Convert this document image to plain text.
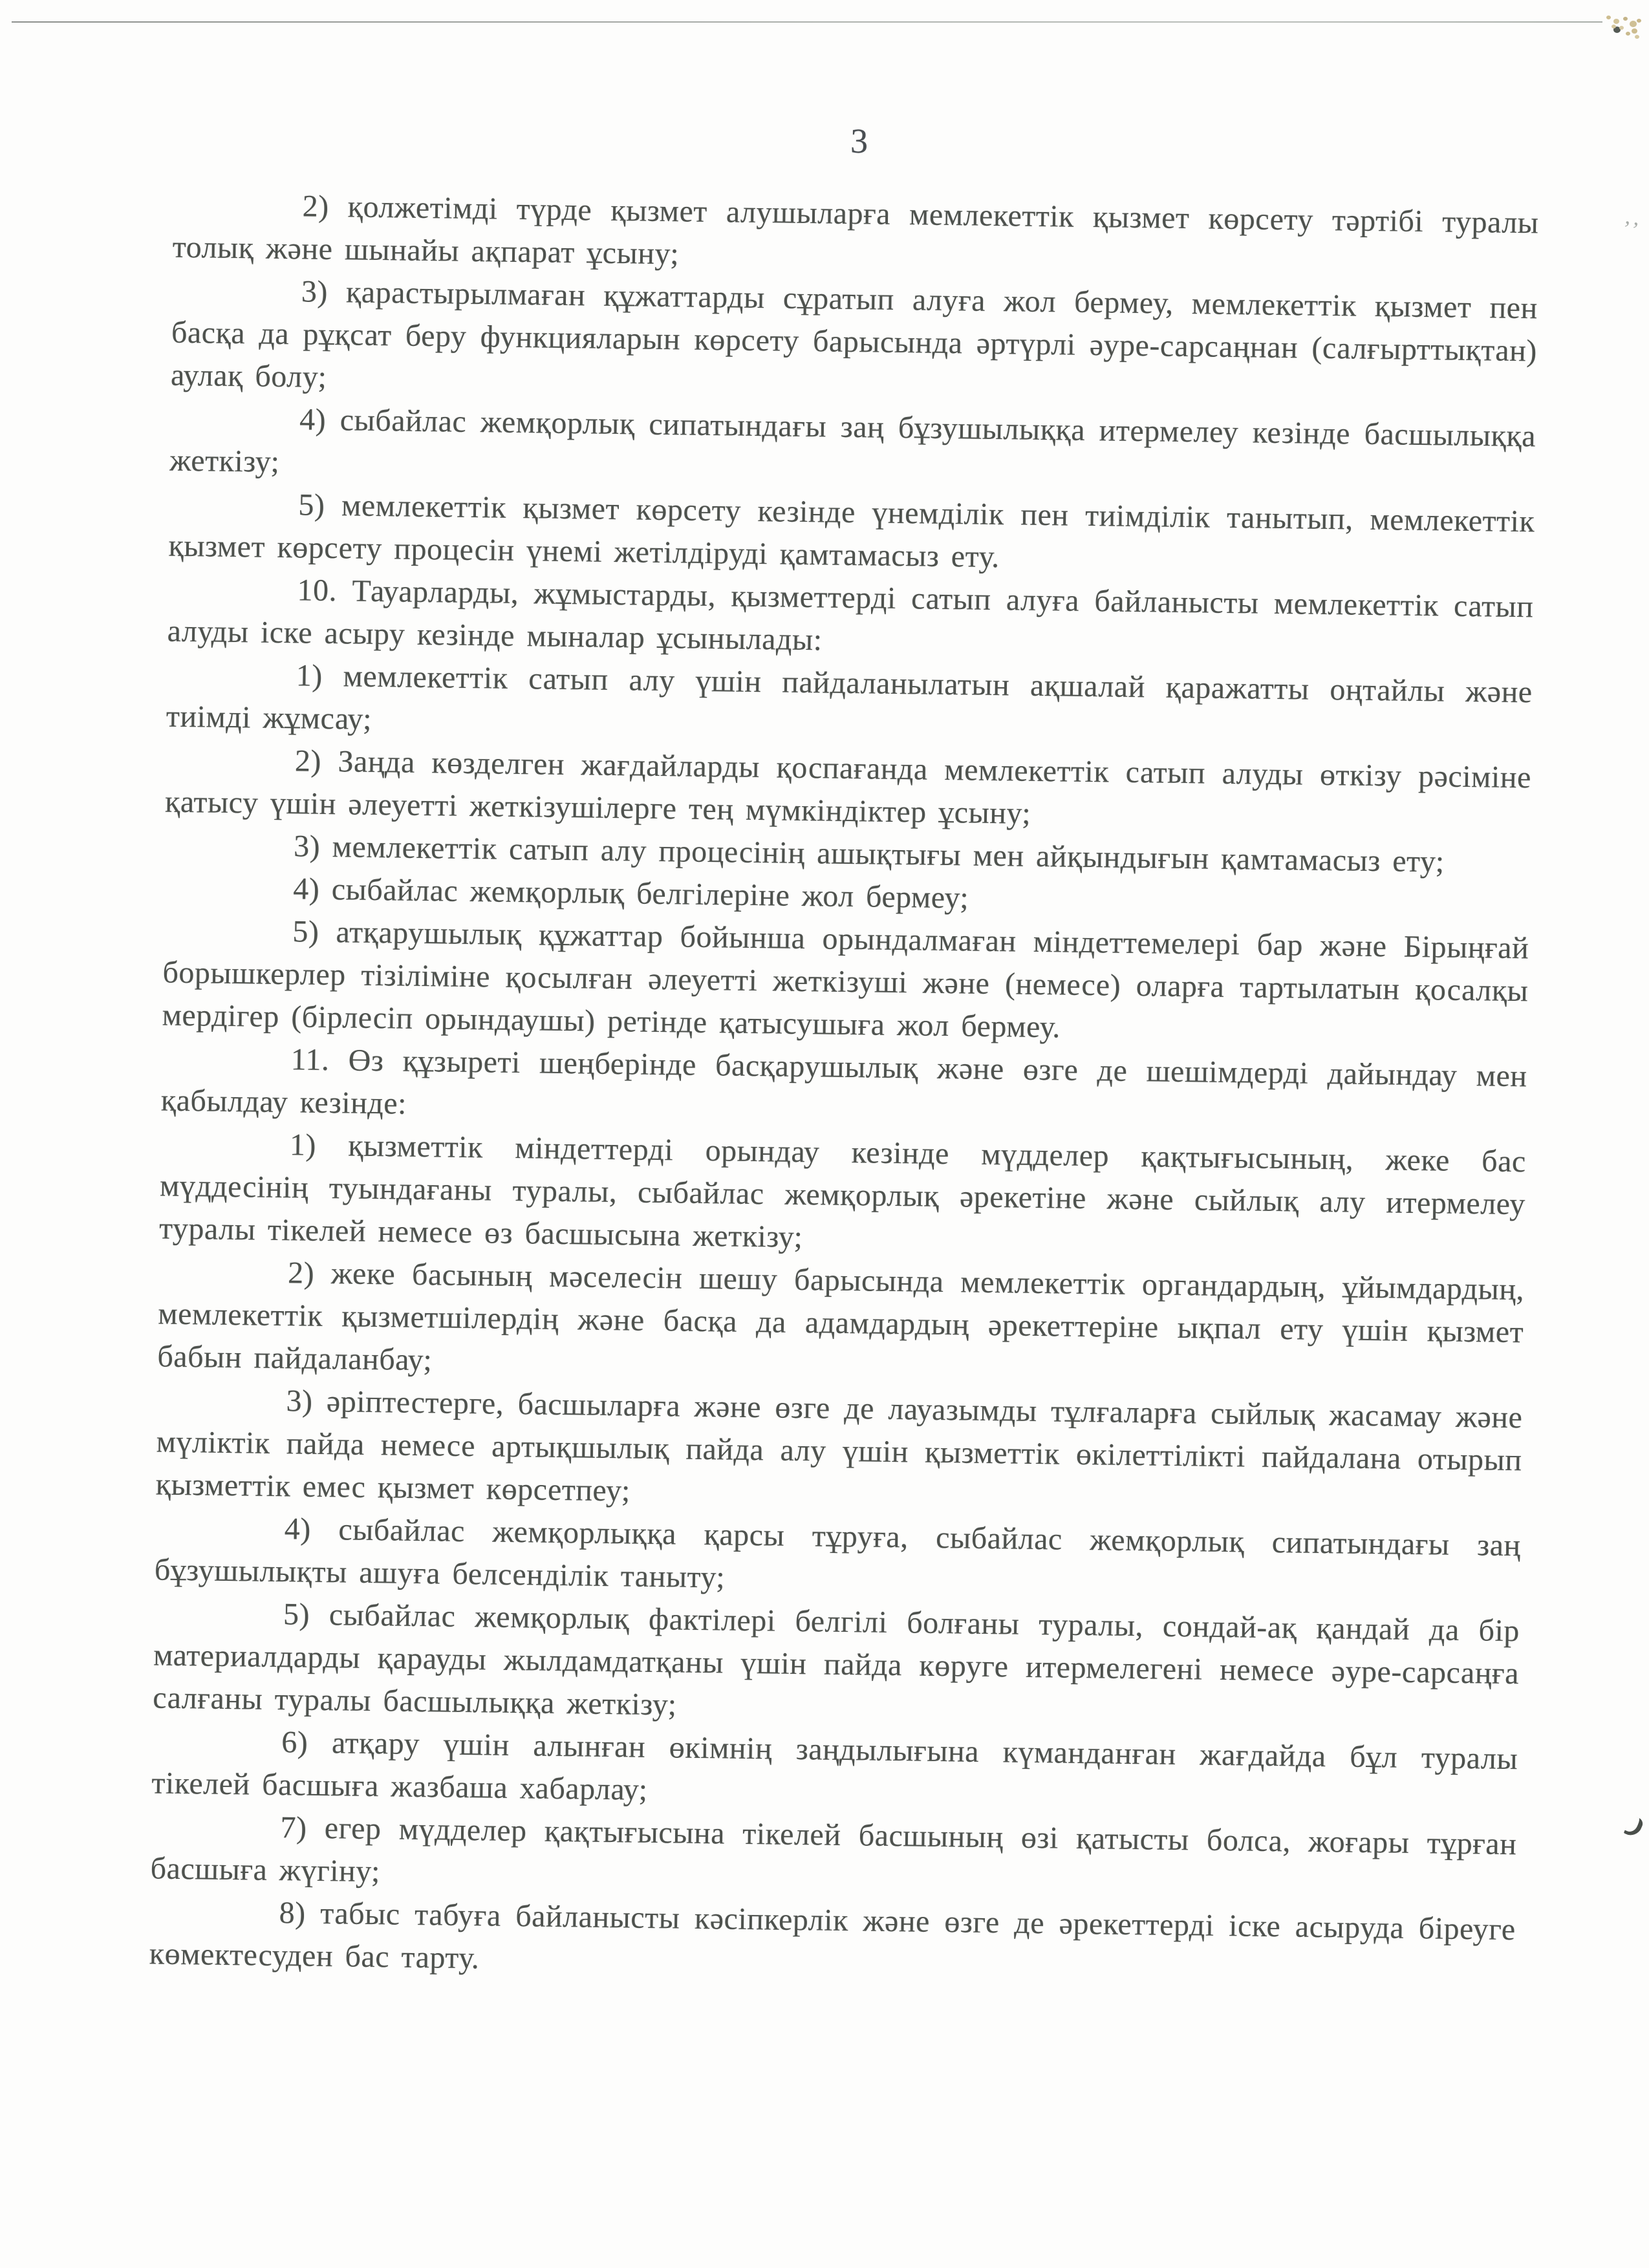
‚‚
3

2) қолжетімді түрде қызмет алушыларға мемлекеттік қызмет көрсету тәртібі туралы толық және шынайы ақпарат ұсыну;

3) қарастырылмаған құжаттарды сұратып алуға жол бермеу, мемлекеттік қызмет пен басқа да рұқсат беру функцияларын көрсету барысында әртүрлі әуре-сарсаңнан (салғырттықтан) аулақ болу;

4) сыбайлас жемқорлық сипатындағы заң бұзушылыққа итермелеу кезінде басшылыққа жеткізу;

5) мемлекеттік қызмет көрсету кезінде үнемділік пен тиімділік танытып, мемлекеттік қызмет көрсету процесін үнемі жетілдіруді қамтамасыз ету.

10. Тауарларды, жұмыстарды, қызметтерді сатып алуға байланысты мемлекеттік сатып алуды іске асыру кезінде мыналар ұсынылады:

1) мемлекеттік сатып алу үшін пайдаланылатын ақшалай қаражатты оңтайлы және тиімді жұмсау;

2) Заңда көзделген жағдайларды қоспағанда мемлекеттік сатып алуды өткізу рәсіміне қатысу үшін әлеуетті жеткізушілерге тең мүмкіндіктер ұсыну;

3) мемлекеттік сатып алу процесінің ашықтығы мен айқындығын қамтамасыз ету;

4) сыбайлас жемқорлық белгілеріне жол бермеу;

5) атқарушылық құжаттар бойынша орындалмаған міндеттемелері бар және Бірыңғай борышкерлер тізіліміне қосылған әлеуетті жеткізуші және (немесе) оларға тартылатын қосалқы мердігер (бірлесіп орындаушы) ретінде қатысушыға жол бермеу.

11. Өз құзыреті шеңберінде басқарушылық және өзге де шешімдерді дайындау мен қабылдау кезінде:

1) қызметтік міндеттерді орындау кезінде мүдделер қақтығысының, жеке бас мүддесінің туындағаны туралы, сыбайлас жемқорлық әрекетіне және сыйлық алу итермелеу туралы тікелей немесе өз басшысына жеткізу;

2) жеке басының мәселесін шешу барысында мемлекеттік органдардың, ұйымдардың, мемлекеттік қызметшілердің және басқа да адамдардың әрекеттеріне ықпал ету үшін қызмет бабын пайдаланбау;

3) әріптестерге, басшыларға және өзге де лауазымды тұлғаларға сыйлық жасамау және мүліктік пайда немесе артықшылық пайда алу үшін қызметтік өкілеттілікті пайдалана отырып қызметтік емес қызмет көрсетпеу;

4) сыбайлас жемқорлыққа қарсы тұруға, сыбайлас жемқорлық сипатындағы заң бұзушылықты ашуға белсенділік таныту;

5) сыбайлас жемқорлық фактілері белгілі болғаны туралы, сондай-ақ қандай да бір материалдарды қарауды жылдамдатқаны үшін пайда көруге итермелегені немесе әуре-сарсаңға салғаны туралы басшылыққа жеткізу;

6) атқару үшін алынған өкімнің заңдылығына күманданған жағдайда бұл туралы тікелей басшыға жазбаша хабарлау;

7) егер мүдделер қақтығысына тікелей басшының өзі қатысты болса, жоғары тұрған басшыға жүгіну;

8) табыс табуға байланысты кәсіпкерлік және өзге де әрекеттерді іске асыруда біреуге көмектесуден бас тарту.
